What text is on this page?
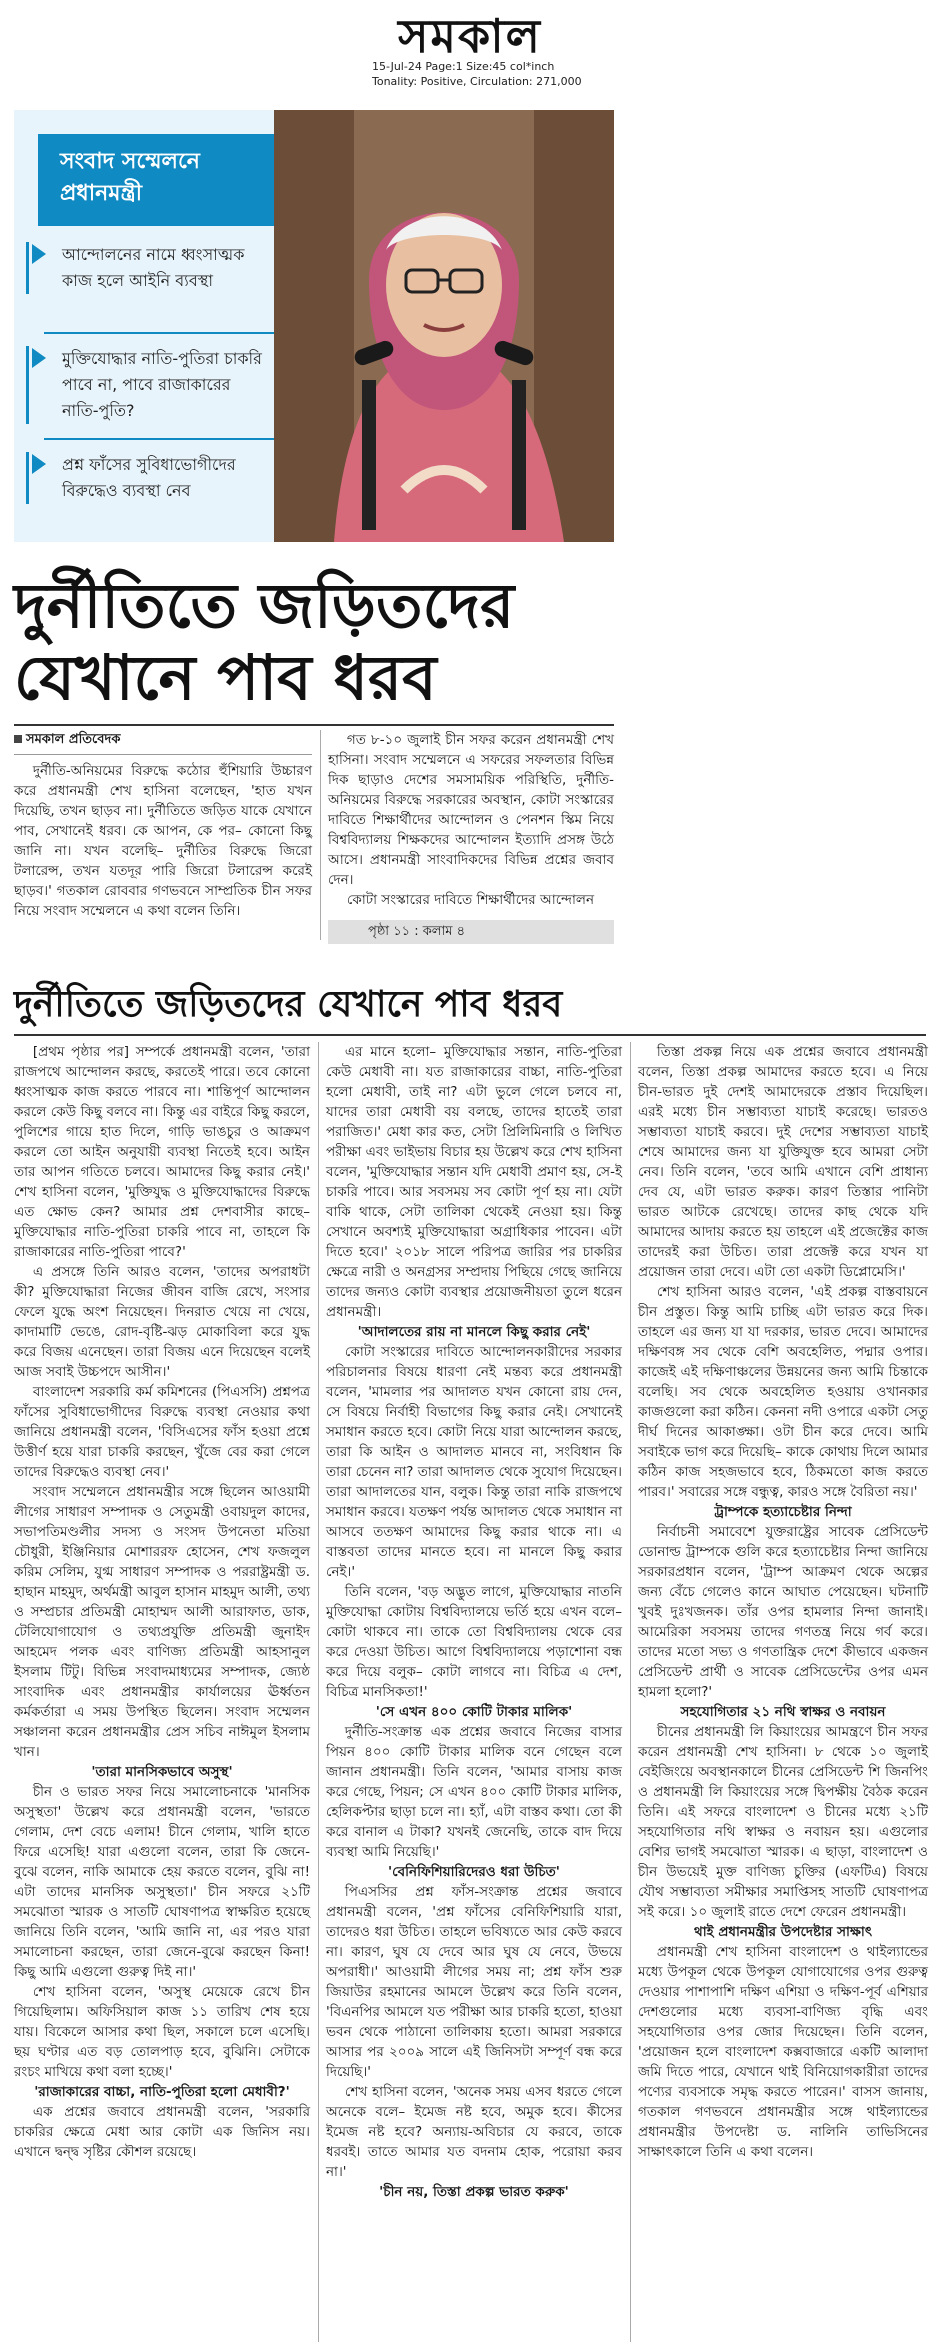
সমকাল
15-Jul-24 Page:1 Size:45 col*inch
Tonality: Positive, Circulation: 271,000
সংবাদ সম্মেলনে প্রধানমন্ত্রী
আন্দোলনের নামে ধ্বংসাত্মক কাজ হলে আইনি ব্যবস্থা
মুক্তিযোদ্ধার নাতি-পুতিরা চাকরি পাবে না, পাবে রাজাকারের নাতি-পুতি?
প্রশ্ন ফাঁসের সুবিধাভোগীদের বিরুদ্ধেও ব্যবস্থা নেব
দুর্নীতিতে জড়িতদের যেখানে পাব ধরব

সমকাল প্রতিবেদক

দুর্নীতি-অনিয়মের বিরুদ্ধে কঠোর হুঁশিয়ারি উচ্চারণ করে প্রধানমন্ত্রী শেখ হাসিনা বলেছেন, 'হাত যখন দিয়েছি, তখন ছাড়ব না। দুর্নীতিতে জড়িত যাকে যেখানে পাব, সেখানেই ধরব। কে আপন, কে পর– কোনো কিছু জানি না। যখন বলেছি– দুর্নীতির বিরুদ্ধে জিরো টলারেন্স, তখন যতদূর পারি জিরো টলারেন্স করেই ছাড়ব।' গতকাল রোববার গণভবনে সাম্প্রতিক চীন সফর নিয়ে সংবাদ সম্মেলনে এ কথা বলেন তিনি।

গত ৮-১০ জুলাই চীন সফর করেন প্রধানমন্ত্রী শেখ হাসিনা। সংবাদ সম্মেলনে এ সফরের সফলতার বিভিন্ন দিক ছাড়াও দেশের সমসাময়িক পরিস্থিতি, দুর্নীতি-অনিয়মের বিরুদ্ধে সরকারের অবস্থান, কোটা সংস্কারের দাবিতে শিক্ষার্থীদের আন্দোলন ও পেনশন স্কিম নিয়ে বিশ্ববিদ্যালয় শিক্ষকদের আন্দোলন ইত্যাদি প্রসঙ্গ উঠে আসে। প্রধানমন্ত্রী সাংবাদিকদের বিভিন্ন প্রশ্নের জবাব দেন।

কোটা সংস্কারের দাবিতে শিক্ষার্থীদের আন্দোলন

পৃষ্ঠা ১১ : কলাম ৪
দুর্নীতিতে জড়িতদের যেখানে পাব ধরব

[প্রথম পৃষ্ঠার পর] সম্পর্কে প্রধানমন্ত্রী বলেন, 'তারা রাজপথে আন্দোলন করছে, করতেই পারে। তবে কোনো ধ্বংসাত্মক কাজ করতে পারবে না। শান্তিপূর্ণ আন্দোলন করলে কেউ কিছু বলবে না। কিন্তু এর বাইরে কিছু করলে, পুলিশের গায়ে হাত দিলে, গাড়ি ভাঙচুর ও আক্রমণ করলে তো আইন অনুযায়ী ব্যবস্থা নিতেই হবে। আইন তার আপন গতিতে চলবে। আমাদের কিছু করার নেই।' শেখ হাসিনা বলেন, 'মুক্তিযুদ্ধ ও মুক্তিযোদ্ধাদের বিরুদ্ধে এত ক্ষোভ কেন? আমার প্রশ্ন দেশবাসীর কাছে– মুক্তিযোদ্ধার নাতি-পুতিরা চাকরি পাবে না, তাহলে কি রাজাকারের নাতি-পুতিরা পাবে?'

এ প্রসঙ্গে তিনি আরও বলেন, 'তাদের অপরাধটা কী? মুক্তিযোদ্ধারা নিজের জীবন বাজি রেখে, সংসার ফেলে যুদ্ধে অংশ নিয়েছেন। দিনরাত খেয়ে না খেয়ে, কাদামাটি ভেঙে, রোদ-বৃষ্টি-ঝড় মোকাবিলা করে যুদ্ধ করে বিজয় এনেছেন। তারা বিজয় এনে দিয়েছেন বলেই আজ সবাই উচ্চপদে আসীন।'

বাংলাদেশ সরকারি কর্ম কমিশনের (পিএসসি) প্রশ্নপত্র ফাঁসের সুবিধাভোগীদের বিরুদ্ধে ব্যবস্থা নেওয়ার কথা জানিয়ে প্রধানমন্ত্রী বলেন, 'বিসিএসের ফাঁস হওয়া প্রশ্নে উত্তীর্ণ হয়ে যারা চাকরি করছেন, খুঁজে বের করা গেলে তাদের বিরুদ্ধেও ব্যবস্থা নেব।'

সংবাদ সম্মেলনে প্রধানমন্ত্রীর সঙ্গে ছিলেন আওয়ামী লীগের সাধারণ সম্পাদক ও সেতুমন্ত্রী ওবায়দুল কাদের, সভাপতিমণ্ডলীর সদস্য ও সংসদ উপনেতা মতিয়া চৌধুরী, ইঞ্জিনিয়ার মোশাররফ হোসেন, শেখ ফজলুল করিম সেলিম, যুগ্ম সাধারণ সম্পাদক ও পররাষ্ট্রমন্ত্রী ড. হাছান মাহমুদ, অর্থমন্ত্রী আবুল হাসান মাহমুদ আলী, তথ্য ও সম্প্রচার প্রতিমন্ত্রী মোহাম্মদ আলী আরাফাত, ডাক, টেলিযোগাযোগ ও তথ্যপ্রযুক্তি প্রতিমন্ত্রী জুনাইদ আহমেদ পলক এবং বাণিজ্য প্রতিমন্ত্রী আহসানুল ইসলাম টিটু। বিভিন্ন সংবাদমাধ্যমের সম্পাদক, জ্যেষ্ঠ সাংবাদিক এবং প্রধানমন্ত্রীর কার্যালয়ের ঊর্ধ্বতন কর্মকর্তারা এ সময় উপস্থিত ছিলেন। সংবাদ সম্মেলন সঞ্চালনা করেন প্রধানমন্ত্রীর প্রেস সচিব নাঈমুল ইসলাম খান।

'তারা মানসিকভাবে অসুস্থ'

চীন ও ভারত সফর নিয়ে সমালোচনাকে 'মানসিক অসুস্থতা' উল্লেখ করে প্রধানমন্ত্রী বলেন, 'ভারতে গেলাম, দেশ বেচে এলাম! চীনে গেলাম, খালি হাতে ফিরে এসেছি! যারা এগুলো বলেন, তারা কি জেনে-বুঝে বলেন, নাকি আমাকে হেয় করতে বলেন, বুঝি না! এটা তাদের মানসিক অসুস্থতা।' চীন সফরে ২১টি সমঝোতা স্মারক ও সাতটি ঘোষণাপত্র স্বাক্ষরিত হয়েছে জানিয়ে তিনি বলেন, 'আমি জানি না, এর পরও যারা সমালোচনা করছেন, তারা জেনে-বুঝে করছেন কিনা! কিছু আমি এগুলো গুরুত্ব দিই না।'

শেখ হাসিনা বলেন, 'অসুস্থ মেয়েকে রেখে চীন গিয়েছিলাম। অফিসিয়াল কাজ ১১ তারিখ শেষ হয়ে যায়। বিকেলে আসার কথা ছিল, সকালে চলে এসেছি। ছয় ঘণ্টার এত বড় তোলপাড় হবে, বুঝিনি। সেটাকে রংচং মাখিয়ে কথা বলা হচ্ছে।'

'রাজাকারের বাচ্চা, নাতি-পুতিরা হলো মেধাবী?'

এক প্রশ্নের জবাবে প্রধানমন্ত্রী বলেন, 'সরকারি চাকরির ক্ষেত্রে মেধা আর কোটা এক জিনিস নয়। এখানে দ্বন্দ্ব সৃষ্টির কৌশল রয়েছে।

এর মানে হলো– মুক্তিযোদ্ধার সন্তান, নাতি-পুতিরা কেউ মেধাবী না। যত রাজাকারের বাচ্চা, নাতি-পুতিরা হলো মেধাবী, তাই না? এটা ভুলে গেলে চলবে না, যাদের তারা মেধাবী বয় বলছে, তাদের হাতেই তারা পরাজিত।' মেধা কার কত, সেটা প্রিলিমিনারি ও লিখিত পরীক্ষা এবং ভাইভায় বিচার হয় উল্লেখ করে শেখ হাসিনা বলেন, 'মুক্তিযোদ্ধার সন্তান যদি মেধাবী প্রমাণ হয়, সে-ই চাকরি পাবে। আর সবসময় সব কোটা পূর্ণ হয় না। যেটা বাকি থাকে, সেটা তালিকা থেকেই নেওয়া হয়। কিন্তু সেখানে অবশ্যই মুক্তিযোদ্ধারা অগ্রাধিকার পাবেন। এটা দিতে হবে।' ২০১৮ সালে পরিপত্র জারির পর চাকরির ক্ষেত্রে নারী ও অনগ্রসর সম্প্রদায় পিছিয়ে গেছে জানিয়ে তাদের জন্যও কোটা ব্যবস্থার প্রয়োজনীয়তা তুলে ধরেন প্রধানমন্ত্রী।

'আদালতের রায় না মানলে কিছু করার নেই'

কোটা সংস্কারের দাবিতে আন্দোলনকারীদের সরকার পরিচালনার বিষয়ে ধারণা নেই মন্তব্য করে প্রধানমন্ত্রী বলেন, 'মামলার পর আদালত যখন কোনো রায় দেন, সে বিষয়ে নির্বাহী বিভাগের কিছু করার নেই। সেখানেই সমাধান করতে হবে। কোটা নিয়ে যারা আন্দোলন করছে, তারা কি আইন ও আদালত মানবে না, সংবিধান কি তারা চেনেন না? তারা আদালত থেকে সুযোগ দিয়েছেন। তারা আদালতের যান, বলুক। কিন্তু তারা নাকি রাজপথে সমাধান করবে। যতক্ষণ পর্যন্ত আদালত থেকে সমাধান না আসবে ততক্ষণ আমাদের কিছু করার থাকে না। এ বাস্তবতা তাদের মানতে হবে। না মানলে কিছু করার নেই।'

তিনি বলেন, 'বড় অদ্ভুত লাগে, মুক্তিযোদ্ধার নাতনি মুক্তিযোদ্ধা কোটায় বিশ্ববিদ্যালয়ে ভর্তি হয়ে এখন বলে– কোটা থাকবে না। তাকে তো বিশ্ববিদ্যালয় থেকে বের করে দেওয়া উচিত। আগে বিশ্ববিদ্যালয়ে পড়াশোনা বন্ধ করে দিয়ে বলুক– কোটা লাগবে না। বিচিত্র এ দেশ, বিচিত্র মানসিকতা!'

'সে এখন ৪০০ কোটি টাকার মালিক'

দুর্নীতি-সংক্রান্ত এক প্রশ্নের জবাবে নিজের বাসার পিয়ন ৪০০ কোটি টাকার মালিক বনে গেছেন বলে জানান প্রধানমন্ত্রী। তিনি বলেন, 'আমার বাসায় কাজ করে গেছে, পিয়ন; সে এখন ৪০০ কোটি টাকার মালিক, হেলিকপ্টার ছাড়া চলে না। হ্যাঁ, এটা বাস্তব কথা। তো কী করে বানাল এ টাকা? যখনই জেনেছি, তাকে বাদ দিয়ে ব্যবস্থা আমি নিয়েছি।'

'বেনিফিশিয়ারিদেরও ধরা উচিত'

পিএসসির প্রশ্ন ফাঁস-সংক্রান্ত প্রশ্নের জবাবে প্রধানমন্ত্রী বলেন, 'প্রশ্ন ফাঁসের বেনিফিশিয়ারি যারা, তাদেরও ধরা উচিত। তাহলে ভবিষ্যতে আর কেউ করবে না। কারণ, ঘুষ যে দেবে আর ঘুষ যে নেবে, উভয়ে অপরাধী।' আওয়ামী লীগের সময় না; প্রশ্ন ফাঁস শুরু জিয়াউর রহমানের আমলে উল্লেখ করে তিনি বলেন, 'বিএনপির আমলে যত পরীক্ষা আর চাকরি হতো, হাওয়া ভবন থেকে পাঠানো তালিকায় হতো। আমরা সরকারে আসার পর ২০০৯ সালে এই জিনিসটা সম্পূর্ণ বন্ধ করে দিয়েছি।'

শেখ হাসিনা বলেন, 'অনেক সময় এসব ধরতে গেলে অনেকে বলে– ইমেজ নষ্ট হবে, অমুক হবে। কীসের ইমেজ নষ্ট হবে? অন্যায়-অবিচার যে করবে, তাকে ধরবই। তাতে আমার যত বদনাম হোক, পরোয়া করব না।'

'চীন নয়, তিস্তা প্রকল্প ভারত করুক'

তিস্তা প্রকল্প নিয়ে এক প্রশ্নের জবাবে প্রধানমন্ত্রী বলেন, তিস্তা প্রকল্প আমাদের করতে হবে। এ নিয়ে চীন-ভারত দুই দেশই আমাদেরকে প্রস্তাব দিয়েছিল। এরই মধ্যে চীন সম্ভাব্যতা যাচাই করেছে। ভারতও সম্ভাব্যতা যাচাই করবে। দুই দেশের সম্ভাব্যতা যাচাই শেষে আমাদের জন্য যা যুক্তিযুক্ত হবে আমরা সেটা নেব। তিনি বলেন, 'তবে আমি এখানে বেশি প্রাধান্য দেব যে, এটা ভারত করুক। কারণ তিস্তার পানিটা ভারত আটকে রেখেছে। তাদের কাছ থেকে যদি আমাদের আদায় করতে হয় তাহলে এই প্রজেক্টের কাজ তাদেরই করা উচিত। তারা প্রজেক্ট করে যখন যা প্রয়োজন তারা দেবে। এটা তো একটা ডিপ্লোমেসি।'

শেখ হাসিনা আরও বলেন, 'এই প্রকল্প বাস্তবায়নে চীন প্রস্তুত। কিন্তু আমি চাচ্ছি এটা ভারত করে দিক। তাহলে এর জন্য যা যা দরকার, ভারত দেবে। আমাদের দক্ষিণবঙ্গ সব থেকে বেশি অবহেলিত, পদ্মার ওপার। কাজেই এই দক্ষিণাঞ্চলের উন্নয়নের জন্য আমি চিন্তাকে বলেছি। সব থেকে অবহেলিত হওয়ায় ওখানকার কাজগুলো করা কঠিন। কেননা নদী ওপারে একটা সেতু দীর্ঘ দিনের আকাঙ্ক্ষা। ওটা চীন করে দেবে। আমি সবাইকে ভাগ করে দিয়েছি– কাকে কোথায় দিলে আমার কঠিন কাজ সহজভাবে হবে, ঠিকমতো কাজ করতে পারব।' সবারের সঙ্গে বন্ধুত্ব, কারও সঙ্গে বৈরিতা নয়।'

ট্রাম্পকে হত্যাচেষ্টার নিন্দা

নির্বাচনী সমাবেশে যুক্তরাষ্ট্রের সাবেক প্রেসিডেন্ট ডোনাল্ড ট্রাম্পকে গুলি করে হত্যাচেষ্টার নিন্দা জানিয়ে সরকারপ্রধান বলেন, 'ট্রাম্প আক্রমণ থেকে অল্পের জন্য বেঁচে গেলেও কানে আঘাত পেয়েছেন। ঘটনাটি খুবই দুঃখজনক। তাঁর ওপর হামলার নিন্দা জানাই। আমেরিকা সবসময় তাদের গণতন্ত্র নিয়ে গর্ব করে। তাদের মতো সভ্য ও গণতান্ত্রিক দেশে কীভাবে একজন প্রেসিডেন্ট প্রার্থী ও সাবেক প্রেসিডেন্টের ওপর এমন হামলা হলো?'

সহযোগিতার ২১ নথি স্বাক্ষর ও নবায়ন

চীনের প্রধানমন্ত্রী লি কিয়াংয়ের আমন্ত্রণে চীন সফর করেন প্রধানমন্ত্রী শেখ হাসিনা। ৮ থেকে ১০ জুলাই বেইজিংয়ে অবস্থানকালে চীনের প্রেসিডেন্ট শি জিনপিং ও প্রধানমন্ত্রী লি কিয়াংয়ের সঙ্গে দ্বিপক্ষীয় বৈঠক করেন তিনি। এই সফরে বাংলাদেশ ও চীনের মধ্যে ২১টি সহযোগিতার নথি স্বাক্ষর ও নবায়ন হয়। এগুলোর বেশির ভাগই সমঝোতা স্মারক। এ ছাড়া, বাংলাদেশ ও চীন উভয়েই মুক্ত বাণিজ্য চুক্তির (এফটিএ) বিষয়ে যৌথ সম্ভাব্যতা সমীক্ষার সমাপ্তিসহ সাতটি ঘোষণাপত্র সই করে। ১০ জুলাই রাতে দেশে ফেরেন প্রধানমন্ত্রী।

থাই প্রধানমন্ত্রীর উপদেষ্টার সাক্ষাৎ

প্রধানমন্ত্রী শেখ হাসিনা বাংলাদেশ ও থাইল্যান্ডের মধ্যে উপকূল থেকে উপকূল যোগাযোগের ওপর গুরুত্ব দেওয়ার পাশাপাশি দক্ষিণ এশিয়া ও দক্ষিণ-পূর্ব এশিয়ার দেশগুলোর মধ্যে ব্যবসা-বাণিজ্য বৃদ্ধি এবং সহযোগিতার ওপর জোর দিয়েছেন। তিনি বলেন, 'প্রয়োজন হলে বাংলাদেশ কক্সবাজারে একটি আলাদা জমি দিতে পারে, যেখানে থাই বিনিয়োগকারীরা তাদের পণ্যের ব্যবসাকে সমৃদ্ধ করতে পারেন।' বাসস জানায়, গতকাল গণভবনে প্রধানমন্ত্রীর সঙ্গে থাইল্যান্ডের প্রধানমন্ত্রীর উপদেষ্টা ড. নালিনি তাভিসিনের সাক্ষাৎকালে তিনি এ কথা বলেন।
